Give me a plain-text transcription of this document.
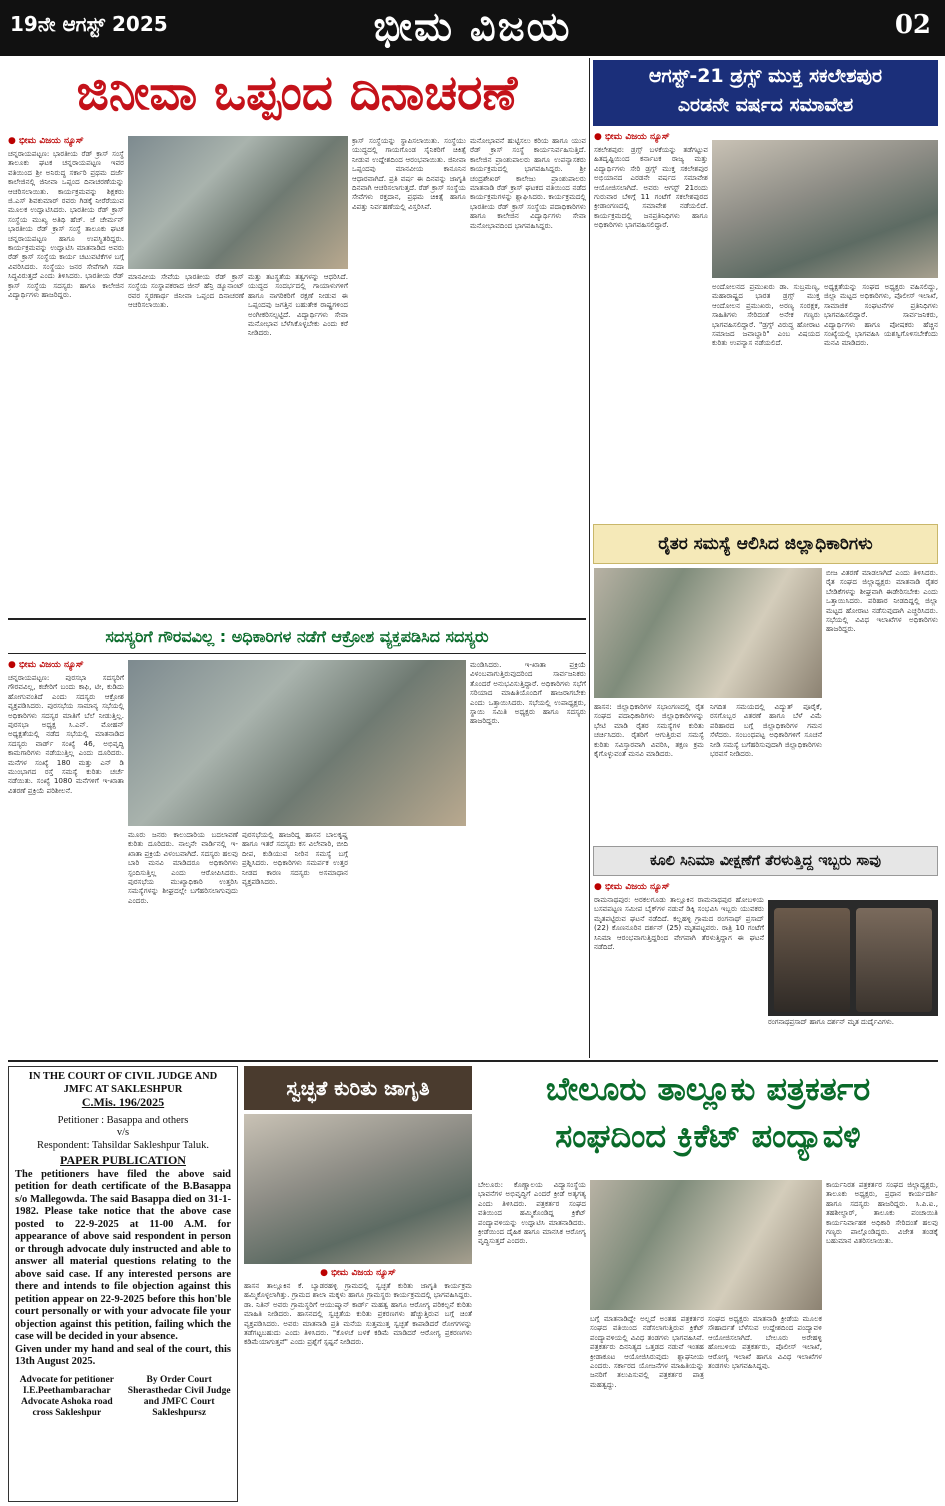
19ನೇ ಆಗಸ್ಟ್ 2025	ಭೀಮ ವಿಜಯ	02
ಜಿನೀವಾ ಒಪ್ಪಂದ ದಿನಾಚರಣೆ
● ಭೀಮ ವಿಜಯ ನ್ಯೂಸ್
ಚನ್ನರಾಯಪಟ್ಟಣ: ಭಾರತೀಯ ರೆಡ್ ಕ್ರಾಸ್ ಸಂಸ್ಥೆ ತಾಲೂಕು ಘಟಕ ಚನ್ನರಾಯಪಟ್ಟಣ ಇವರ ವತಿಯಿಂದ ಶ್ರೀ ಅನಿರುದ್ಧ ಸರ್ಕಾರಿ ಪ್ರಥಮ ದರ್ಜೆ ಕಾಲೇಜಿನಲ್ಲಿ ಜಿನೀವಾ ಒಪ್ಪಂದ ದಿನಾಚರಣೆಯನ್ನು ಆಚರಿಸಲಾಯಿತು. ಕಾರ್ಯಕ್ರಮವನ್ನು ಶಿಕ್ಷಕರು ಜಿ.ಎಸ್ ಶಿವಕುಮಾರ್ ರವರು ಗಿಡಕ್ಕೆ ನೀರೆರೆಯುವ ಮೂಲಕ ಉದ್ಘಾಟಿಸಿದರು. ಭಾರತೀಯ ರೆಡ್ ಕ್ರಾಸ್ ಸಂಸ್ಥೆಯ ಮುಖ್ಯ ಅತಿಥಿ ಹೆಚ್. ಜೆ ಚೇರ್ಮನ್ ಭಾರತೀಯ ರೆಡ್ ಕ್ರಾಸ್ ಸಂಸ್ಥೆ ತಾಲೂಕು ಘಟಕ ಚನ್ನರಾಯಪಟ್ಟಣ ಹಾಗೂ ಉಪಸ್ಥಿತರಿದ್ದರು. ಕಾರ್ಯಕ್ರಮವನ್ನು ಉದ್ಘಾಟಿಸಿ ಮಾತನಾಡಿದ ಅವರು ರೆಡ್ ಕ್ರಾಸ್ ಸಂಸ್ಥೆಯ ಕಾರ್ಯ ಚಟುವಟಿಕೆಗಳ ಬಗ್ಗೆ ವಿವರಿಸಿದರು. ಸಂಸ್ಥೆಯು ಜನರ ಸೇವೆಗಾಗಿ ಸದಾ ಸಿದ್ಧವಿರುತ್ತದೆ ಎಂದು ತಿಳಿಸಿದರು. ಭಾರತೀಯ ರೆಡ್ ಕ್ರಾಸ್ ಸಂಸ್ಥೆಯ ಸದಸ್ಯರು ಹಾಗೂ ಕಾಲೇಜಿನ ವಿದ್ಯಾರ್ಥಿಗಳು ಹಾಜರಿದ್ದರು.
ಮಾನವೀಯ ಸೇವೆಯ ಭಾರತೀಯ ರೆಡ್ ಕ್ರಾಸ್ ಸಂಸ್ಥೆಯ ಸಂಸ್ಥಾಪಕರಾದ ಜೀನ್ ಹೆನ್ರಿ ಡ್ಯೂನಾಂಟ್ ರವರ ಸ್ಮರಣಾರ್ಥ ಜಿನೀವಾ ಒಪ್ಪಂದ ದಿನಾಚರಣೆ ಆಚರಿಸಲಾಯಿತು.
ಮತ್ತು ತಟಸ್ಥತೆಯ ತತ್ವಗಳನ್ನು ಆಧರಿಸಿದೆ. ಯುದ್ಧದ ಸಂದರ್ಭದಲ್ಲಿ ಗಾಯಾಳುಗಳಿಗೆ ಹಾಗೂ ನಾಗರಿಕರಿಗೆ ರಕ್ಷಣೆ ನೀಡುವ ಈ ಒಪ್ಪಂದವು ಜಗತ್ತಿನ ಬಹುತೇಕ ರಾಷ್ಟ್ರಗಳಿಂದ ಅಂಗೀಕರಿಸಲ್ಪಟ್ಟಿದೆ. ವಿದ್ಯಾರ್ಥಿಗಳು ಸೇವಾ ಮನೋಭಾವ ಬೆಳೆಸಿಕೊಳ್ಳಬೇಕು ಎಂದು ಕರೆ ನೀಡಿದರು.
ಕ್ರಾಸ್ ಸಂಸ್ಥೆಯನ್ನು ಸ್ಥಾಪಿಸಲಾಯಿತು. ಸಂಸ್ಥೆಯು ಯುದ್ಧದಲ್ಲಿ ಗಾಯಗೊಂಡ ಸೈನಿಕರಿಗೆ ಚಿಕಿತ್ಸೆ ನೀಡುವ ಉದ್ದೇಶದಿಂದ ಆರಂಭವಾಯಿತು. ಜಿನೀವಾ ಒಪ್ಪಂದವು ಮಾನವೀಯ ಕಾನೂನಿನ ಆಧಾರವಾಗಿದೆ. ಪ್ರತಿ ವರ್ಷ ಈ ದಿನವನ್ನು ಜಾಗೃತಿ ದಿನವಾಗಿ ಆಚರಿಸಲಾಗುತ್ತದೆ. ರೆಡ್ ಕ್ರಾಸ್ ಸಂಸ್ಥೆಯ ಸೇವೆಗಳು ರಕ್ತದಾನ, ಪ್ರಥಮ ಚಿಕಿತ್ಸೆ ಹಾಗೂ ವಿಪತ್ತು ನಿರ್ವಹಣೆಯಲ್ಲಿ ವಿಸ್ತರಿಸಿವೆ.
ಮನೋಭಾವನೆ ಹುಟ್ಟಿಸಲು ಕರಿಯ ಹಾಗೂ ಯುವ ರೆಡ್ ಕ್ರಾಸ್ ಸಂಸ್ಥೆ ಕಾರ್ಯನಿರ್ವಹಿಸುತ್ತಿದೆ. ಕಾಲೇಜಿನ ಪ್ರಾಂಶುಪಾಲರು ಹಾಗೂ ಉಪನ್ಯಾಸಕರು ಕಾರ್ಯಕ್ರಮದಲ್ಲಿ ಭಾಗವಹಿಸಿದ್ದರು. ಶ್ರೀ ಚಂದ್ರಶೇಖರ್ ಕಾಲೇಜು ಪ್ರಾಂಶುಪಾಲರು ಮಾತನಾಡಿ ರೆಡ್ ಕ್ರಾಸ್ ಘಟಕದ ವತಿಯಿಂದ ನಡೆದ ಕಾರ್ಯಕ್ರಮಗಳನ್ನು ಶ್ಲಾಘಿಸಿದರು. ಕಾರ್ಯಕ್ರಮದಲ್ಲಿ ಭಾರತೀಯ ರೆಡ್ ಕ್ರಾಸ್ ಸಂಸ್ಥೆಯ ಪದಾಧಿಕಾರಿಗಳು ಹಾಗೂ ಕಾಲೇಜಿನ ವಿದ್ಯಾರ್ಥಿಗಳು ಸೇವಾ ಮನೋಭಾವದಿಂದ ಭಾಗವಹಿಸಿದ್ದರು.
ಆಗಸ್ಟ್-21 ಡ್ರಗ್ಸ್ ಮುಕ್ತ ಸಕಲೇಶಪುರ
ಎರಡನೇ ವರ್ಷದ ಸಮಾವೇಶ
● ಭೀಮ ವಿಜಯ ನ್ಯೂಸ್
ಸಕಲೇಶಪುರ: ಡ್ರಗ್ಸ್ ಬಳಕೆಯನ್ನು ತಡೆಗಟ್ಟುವ ಹಿತದೃಷ್ಟಿಯಿಂದ ಕರ್ನಾಟಕ ರಾಜ್ಯ ಮತ್ತು ವಿದ್ಯಾರ್ಥಿಗಳು ಸೇರಿ ಡ್ರಗ್ಸ್ ಮುಕ್ತ ಸಕಲೇಶಪುರ ಅಭಿಯಾನದ ಎರಡನೇ ವರ್ಷದ ಸಮಾವೇಶ ಆಯೋಜಿಸಲಾಗಿದೆ. ಅವರು ಆಗಸ್ಟ್ 21ರಂದು ಗುರುವಾರ ಬೆಳಿಗ್ಗೆ 11 ಗಂಟೆಗೆ ಸಕಲೇಶಪುರದ ಕ್ರೀಡಾಂಗಣದಲ್ಲಿ ಸಮಾವೇಶ ನಡೆಯಲಿದೆ. ಕಾರ್ಯಕ್ರಮದಲ್ಲಿ ಜನಪ್ರತಿನಿಧಿಗಳು ಹಾಗೂ ಅಧಿಕಾರಿಗಳು ಭಾಗವಹಿಸಲಿದ್ದಾರೆ.
ಅಂದೋಲನದ ಪ್ರಮುಖರು ಡಾ. ಸುಬ್ರಮಣ್ಯ, ಮಹಾರಾಷ್ಟ್ರದ ಭಾರತ ಡ್ರಗ್ಸ್ ಮುಕ್ತ ಆಂದೋಲನ ಪ್ರಮುಖರು, ಅರಣ್ಯ ಸಂರಕ್ಷಕ, ಸಾಹಿತಿಗಳು ಸೇರಿದಂತೆ ಅನೇಕ ಗಣ್ಯರು ಭಾಗವಹಿಸಲಿದ್ದಾರೆ. "ಡ್ರಗ್ಸ್ ವಿರುದ್ಧ ಹೋರಾಟ ಸಮಾಜದ ಜವಾಬ್ದಾರಿ" ಎಂಬ ವಿಷಯದ ಕುರಿತು ಉಪನ್ಯಾಸ ನಡೆಯಲಿದೆ.
ಅಧ್ಯಕ್ಷತೆಯನ್ನು ಸಂಘದ ಅಧ್ಯಕ್ಷರು ವಹಿಸಲಿದ್ದು, ಜಿಲ್ಲಾ ಮಟ್ಟದ ಅಧಿಕಾರಿಗಳು, ಪೊಲೀಸ್ ಇಲಾಖೆ, ಸಾಮಾಜಿಕ ಸಂಘಟನೆಗಳ ಪ್ರತಿನಿಧಿಗಳು ಭಾಗವಹಿಸಲಿದ್ದಾರೆ. ಸಾರ್ವಜನಿಕರು, ವಿದ್ಯಾರ್ಥಿಗಳು ಹಾಗೂ ಪೋಷಕರು ಹೆಚ್ಚಿನ ಸಂಖ್ಯೆಯಲ್ಲಿ ಭಾಗವಹಿಸಿ ಯಶಸ್ವಿಗೊಳಿಸಬೇಕೆಂದು ಮನವಿ ಮಾಡಿದರು.
ರೈತರ ಸಮಸ್ಯೆ ಆಲಿಸಿದ ಜಿಲ್ಲಾಧಿಕಾರಿಗಳು
ಹಾಸನ: ಜಿಲ್ಲಾಧಿಕಾರಿಗಳ ಸಭಾಂಗಣದಲ್ಲಿ ರೈತ ಸಂಘದ ಪದಾಧಿಕಾರಿಗಳು ಜಿಲ್ಲಾಧಿಕಾರಿಗಳನ್ನು ಭೇಟಿ ಮಾಡಿ ರೈತರ ಸಮಸ್ಯೆಗಳ ಕುರಿತು ಚರ್ಚಿಸಿದರು. ರೈತರಿಗೆ ಆಗುತ್ತಿರುವ ಸಮಸ್ಯೆ ಕುರಿತು ಸವಿಸ್ತಾರವಾಗಿ ವಿವರಿಸಿ, ತಕ್ಷಣ ಕ್ರಮ ಕೈಗೊಳ್ಳುವಂತೆ ಮನವಿ ಮಾಡಿದರು.
ನಿಗದಿತ ಸಮಯದಲ್ಲಿ ವಿದ್ಯುತ್ ಪೂರೈಕೆ, ರಸಗೊಬ್ಬರ ವಿತರಣೆ ಹಾಗೂ ಬೆಳೆ ವಿಮೆ ಪರಿಹಾರದ ಬಗ್ಗೆ ಜಿಲ್ಲಾಧಿಕಾರಿಗಳ ಗಮನ ಸೆಳೆದರು. ಸಂಬಂಧಪಟ್ಟ ಅಧಿಕಾರಿಗಳಿಗೆ ಸೂಚನೆ ನೀಡಿ ಸಮಸ್ಯೆ ಬಗೆಹರಿಸುವುದಾಗಿ ಜಿಲ್ಲಾಧಿಕಾರಿಗಳು ಭರವಸೆ ನೀಡಿದರು.
ಬೀಜ ವಿತರಣೆ ಮಾಡಲಾಗಿದೆ ಎಂದು ತಿಳಿಸಿದರು. ರೈತ ಸಂಘದ ಜಿಲ್ಲಾಧ್ಯಕ್ಷರು ಮಾತನಾಡಿ ರೈತರ ಬೇಡಿಕೆಗಳನ್ನು ಶೀಘ್ರವಾಗಿ ಈಡೇರಿಸಬೇಕು ಎಂದು ಒತ್ತಾಯಿಸಿದರು. ಪರಿಹಾರ ನೀಡದಿದ್ದಲ್ಲಿ ಜಿಲ್ಲಾ ಮಟ್ಟದ ಹೋರಾಟ ನಡೆಸುವುದಾಗಿ ಎಚ್ಚರಿಸಿದರು. ಸಭೆಯಲ್ಲಿ ವಿವಿಧ ಇಲಾಖೆಗಳ ಅಧಿಕಾರಿಗಳು ಹಾಜರಿದ್ದರು.
ಕೂಲಿ ಸಿನಿಮಾ ವೀಕ್ಷಣೆಗೆ ತೆರಳುತ್ತಿದ್ದ ಇಬ್ಬರು ಸಾವು
● ಭೀಮ ವಿಜಯ ನ್ಯೂಸ್
ರಾಮನಾಥಪುರ: ಅರಕಲಗೂಡು ತಾಲ್ಲೂಕಿನ ರಾಮನಾಥಪುರ ಹೋಬಳಿಯ ಬಸವಪಟ್ಟಣ ಸಮೀಪ ಬೈಕ್‌ಗಳ ನಡುವೆ ಡಿಕ್ಕಿ ಸಂಭವಿಸಿ ಇಬ್ಬರು ಯುವಕರು ಮೃತಪಟ್ಟಿರುವ ಘಟನೆ ನಡೆದಿದೆ. ಕಲ್ಲಹಳ್ಳಿ ಗ್ರಾಮದ ರಂಗನಾಥ್ ಪ್ರಸಾದ್ (22) ಕೊಣನೂರಿನ ದರ್ಶನ್ (25) ಮೃತಪಟ್ಟವರು. ರಾತ್ರಿ 10 ಗಂಟೆಗೆ ಸಿನಿಮಾ ಆರಂಭವಾಗುತ್ತಿದ್ದರಿಂದ ವೇಗವಾಗಿ ತೆರಳುತ್ತಿದ್ದಾಗ ಈ ಘಟನೆ ನಡೆದಿದೆ.
ರಂಗನಾಥಪ್ರಸಾದ್ ಹಾಗೂ ದರ್ಶನ್ ಮೃತ ದುರ್ದೈವಿಗಳು.
ಸದಸ್ಯರಿಗೆ ಗೌರವವಿಲ್ಲ : ಅಧಿಕಾರಿಗಳ ನಡೆಗೆ ಆಕ್ರೋಶ ವ್ಯಕ್ತಪಡಿಸಿದ ಸದಸ್ಯರು
● ಭೀಮ ವಿಜಯ ನ್ಯೂಸ್
ಚನ್ನರಾಯಪಟ್ಟಣ: ಪುರಸಭಾ ಸದಸ್ಯರಿಗೆ ಗೌರವವಿಲ್ಲ, ಕಚೇರಿಗೆ ಬಂದು ಕಾಫಿ, ಟೀ, ಕುಡಿದು ಹೋಗುವಂತಿದೆ ಎಂದು ಸದಸ್ಯರು ಆಕ್ರೋಶ ವ್ಯಕ್ತಪಡಿಸಿದರು. ಪುರಸಭೆಯ ಸಾಮಾನ್ಯ ಸಭೆಯಲ್ಲಿ ಅಧಿಕಾರಿಗಳು ಸದಸ್ಯರ ಮಾತಿಗೆ ಬೆಲೆ ನೀಡುತ್ತಿಲ್ಲ. ಪುರಸಭಾ ಅಧ್ಯಕ್ಷ ಸಿ.ಎನ್. ಮೋಹನ್ ಅಧ್ಯಕ್ಷತೆಯಲ್ಲಿ ನಡೆದ ಸಭೆಯಲ್ಲಿ ಮಾತನಾಡಿದ ಸದಸ್ಯರು ವಾರ್ಡ್ ಸಂಖ್ಯೆ 46, ಅಭಿವೃದ್ಧಿ ಕಾಮಗಾರಿಗಳು ನಡೆಯುತ್ತಿಲ್ಲ ಎಂದು ದೂರಿದರು. ಮನೆಗಳ ಸಂಖ್ಯೆ 180 ಮತ್ತು ಎನ್ ಡಿ ಮುಂಭಾಗದ ರಸ್ತೆ ಸಮಸ್ಯೆ ಕುರಿತು ಚರ್ಚೆ ನಡೆಯಿತು. ಸಂಖ್ಯೆ 1080 ಮನೆಗಳಿಗೆ ಇ-ಖಾತಾ ವಿತರಣೆ ಪ್ರಕ್ರಿಯೆ ಪರಿಶೀಲನೆ.
ಮೂರು ಜನರು ಕಾಲುದಾರಿಯ ಬದಲಾವಣೆ ಕುರಿತು ದೂರಿದರು. ನಾಲ್ಕನೇ ವಾರ್ಡಿನಲ್ಲಿ ಇ-ಖಾತಾ ಪ್ರಕ್ರಿಯೆ ವಿಳಂಬವಾಗಿದೆ. ಸದಸ್ಯರು ಹಲವು ಬಾರಿ ಮನವಿ ಮಾಡಿದರೂ ಅಧಿಕಾರಿಗಳು ಸ್ಪಂದಿಸುತ್ತಿಲ್ಲ ಎಂದು ಆರೋಪಿಸಿದರು. ಪುರಸಭೆಯ ಮುಖ್ಯಾಧಿಕಾರಿ ಉತ್ತರಿಸಿ ಸಮಸ್ಯೆಗಳನ್ನು ಶೀಘ್ರದಲ್ಲೇ ಬಗೆಹರಿಸಲಾಗುವುದು ಎಂದರು.
ಪುರಸಭೆಯಲ್ಲಿ ಹಾಜರಿದ್ದ ಹಾಸನ ಬಾಲಕೃಷ್ಣ ಹಾಗೂ ಇತರೆ ಸದಸ್ಯರು ಕಸ ವಿಲೇವಾರಿ, ಬೀದಿ ದೀಪ, ಕುಡಿಯುವ ನೀರಿನ ಸಮಸ್ಯೆ ಬಗ್ಗೆ ಪ್ರಶ್ನಿಸಿದರು. ಅಧಿಕಾರಿಗಳು ಸಮರ್ಪಕ ಉತ್ತರ ನೀಡದ ಕಾರಣ ಸದಸ್ಯರು ಅಸಮಾಧಾನ ವ್ಯಕ್ತಪಡಿಸಿದರು.
ಮಂಡಿಸಿದರು. ಇ-ಖಾತಾ ಪ್ರಕ್ರಿಯೆ ವಿಳಂಬವಾಗುತ್ತಿರುವುದರಿಂದ ಸಾರ್ವಜನಿಕರು ತೊಂದರೆ ಅನುಭವಿಸುತ್ತಿದ್ದಾರೆ. ಅಧಿಕಾರಿಗಳು ಸಭೆಗೆ ಸರಿಯಾದ ಮಾಹಿತಿಯೊಂದಿಗೆ ಹಾಜರಾಗಬೇಕು ಎಂದು ಒತ್ತಾಯಿಸಿದರು. ಸಭೆಯಲ್ಲಿ ಉಪಾಧ್ಯಕ್ಷರು, ಸ್ಥಾಯಿ ಸಮಿತಿ ಅಧ್ಯಕ್ಷರು ಹಾಗೂ ಸದಸ್ಯರು ಹಾಜರಿದ್ದರು.
IN THE COURT OF CIVIL JUDGE AND JMFC AT SAKLESHPUR
C.Mis. 196/2025
Petitioner : Basappa and others
v/s
Respondent: Tahsildar Sakleshpur Taluk.
PAPER PUBLICATION
The petitioners have filed the above said petition for death certificate of the B.Basappa s/o Mallegowda. The said Basappa died on 31-1-1982. Please take notice that the above case posted to 22-9-2025 at 11-00 A.M. for appearance of above said respondent in person or through advocate duly instructed and able to answer all material questions relating to the above said case. If any interested persons are there and intends to file objection against this petition appear on 22-9-2025 before this hon'ble court personally or with your advocate file your objection against this petition, failing which the case will be decided in your absence.
Given under my hand and seal of the court, this 13th August 2025.
Advocate for petitioner I.E.Peethambarachar Advocate Ashoka road cross Sakleshpur
By Order Court Sherasthedar Civil Judge and JMFC Court Sakleshpursz
ಸ್ವಚ್ಛತೆ ಕುರಿತು ಜಾಗೃತಿ
● ಭೀಮ ವಿಜಯ ನ್ಯೂಸ್
ಹಾಸನ ತಾಲ್ಲೂಕಿನ ಕೆ. ಬ್ಯಾಡರಹಳ್ಳಿ ಗ್ರಾಮದಲ್ಲಿ ಸ್ವಚ್ಛತೆ ಕುರಿತು ಜಾಗೃತಿ ಕಾರ್ಯಕ್ರಮ ಹಮ್ಮಿಕೊಳ್ಳಲಾಗಿತ್ತು. ಗ್ರಾಮದ ಶಾಲಾ ಮಕ್ಕಳು ಹಾಗೂ ಗ್ರಾಮಸ್ಥರು ಕಾರ್ಯಕ್ರಮದಲ್ಲಿ ಭಾಗವಹಿಸಿದ್ದರು. ಡಾ. ನಿತಿನ್ ಅವರು ಗ್ರಾಮಸ್ಥರಿಗೆ ಆಯುಷ್ಮಾನ್ ಕಾರ್ಡ್ ಮಹತ್ವ ಹಾಗೂ ಆರೋಗ್ಯ ಪರಿಕಲ್ಪನೆ ಕುರಿತು ಮಾಹಿತಿ ನೀಡಿದರು. ಹಾಸನದಲ್ಲಿ ಸ್ವಚ್ಛತೆಯ ಕುರಿತು ಪ್ರಕರಣಗಳು ಹೆಚ್ಚುತ್ತಿರುವ ಬಗ್ಗೆ ಚಿಂತೆ ವ್ಯಕ್ತಪಡಿಸಿದರು. ಅವರು ಮಾತನಾಡಿ ಪ್ರತಿ ಮನೆಯ ಸುತ್ತಮುತ್ತ ಸ್ವಚ್ಛತೆ ಕಾಪಾಡಿದರೆ ರೋಗಗಳನ್ನು ತಡೆಗಟ್ಟಬಹುದು ಎಂದು ತಿಳಿಸಿದರು. "ಕೊಳಚೆ ಬಳಕೆ ಕಡಿಮೆ ಮಾಡಿದರೆ ಆರೋಗ್ಯ ಪ್ರಕರಣಗಳು ಕಡಿಮೆಯಾಗುತ್ತವೆ" ಎಂದು ಪ್ರಶ್ನೆಗೆ ಸ್ಪಷ್ಟನೆ ನೀಡಿದರು.
ಬೇಲೂರು ತಾಲ್ಲೂಕು ಪತ್ರಕರ್ತರ
ಸಂಘದಿಂದ ಕ್ರಿಕೆಟ್ ಪಂದ್ಯಾವಳಿ
ಬೇಲೂರು: ಕೊಣ್ಣಾಲಯ ವಿದ್ಯಾಸಂಸ್ಥೆಯ ಭಾವನೆಗಳ ಅಭಿವೃದ್ಧಿಗೆ ಎಂದರೆ ಕ್ರೀಡೆ ಅತ್ಯಗತ್ಯ ಎಂದು ತಿಳಿಸಿದರು. ಪತ್ರಕರ್ತರ ಸಂಘದ ವತಿಯಿಂದ ಹಮ್ಮಿಕೊಂಡಿದ್ದ ಕ್ರಿಕೆಟ್ ಪಂದ್ಯಾವಳಿಯನ್ನು ಉದ್ಘಾಟಿಸಿ ಮಾತನಾಡಿದರು. ಕ್ರೀಡೆಯಿಂದ ದೈಹಿಕ ಹಾಗೂ ಮಾನಸಿಕ ಆರೋಗ್ಯ ವೃದ್ಧಿಸುತ್ತದೆ ಎಂದರು.
ಬಗ್ಗೆ ಮಾತನಾಡಿದ್ದೇ ಅಲ್ಲದೆ ಅಂತಹ ಪತ್ರಕರ್ತರ ಸಂಘದ ವತಿಯಿಂದ ನಡೆಸಲಾಗುತ್ತಿರುವ ಕ್ರಿಕೆಟ್ ಪಂದ್ಯಾವಳಿಯಲ್ಲಿ ವಿವಿಧ ತಂಡಗಳು ಭಾಗವಹಿಸಿವೆ. ಪತ್ರಕರ್ತರು ದಿನನಿತ್ಯದ ಒತ್ತಡದ ನಡುವೆ ಇಂತಹ ಕ್ರೀಡಾಕೂಟ ಆಯೋಜಿಸಿರುವುದು ಶ್ಲಾಘನೀಯ ಎಂದರು. ಸರ್ಕಾರದ ಯೋಜನೆಗಳ ಮಾಹಿತಿಯನ್ನು ಜನರಿಗೆ ತಲುಪಿಸುವಲ್ಲಿ ಪತ್ರಕರ್ತರ ಪಾತ್ರ ಮಹತ್ವದ್ದು.
ಸಂಘದ ಅಧ್ಯಕ್ಷರು ಮಾತನಾಡಿ ಕ್ರೀಡೆಯ ಮೂಲಕ ಸೌಹಾರ್ದತೆ ಬೆಳೆಸುವ ಉದ್ದೇಶದಿಂದ ಪಂದ್ಯಾವಳಿ ಆಯೋಜಿಸಲಾಗಿದೆ. ಬೇಲೂರು ಅರೇಹಳ್ಳಿ ಹೋಬಳಿಯ ಪತ್ರಕರ್ತರು, ಪೊಲೀಸ್ ಇಲಾಖೆ, ಆರೋಗ್ಯ ಇಲಾಖೆ ಹಾಗೂ ವಿವಿಧ ಇಲಾಖೆಗಳ ತಂಡಗಳು ಭಾಗವಹಿಸಿದ್ದವು.
ಕಾರ್ಯನಿರತ ಪತ್ರಕರ್ತರ ಸಂಘದ ಜಿಲ್ಲಾಧ್ಯಕ್ಷರು, ತಾಲೂಕು ಅಧ್ಯಕ್ಷರು, ಪ್ರಧಾನ ಕಾರ್ಯದರ್ಶಿ ಹಾಗೂ ಸದಸ್ಯರು ಹಾಜರಿದ್ದರು. ಸಿ.ಪಿ.ಐ., ತಹಶೀಲ್ದಾರ್, ತಾಲೂಕು ಪಂಚಾಯಿತಿ ಕಾರ್ಯನಿರ್ವಾಹಕ ಅಧಿಕಾರಿ ಸೇರಿದಂತೆ ಹಲವು ಗಣ್ಯರು ಪಾಲ್ಗೊಂಡಿದ್ದರು. ವಿಜೇತ ತಂಡಕ್ಕೆ ಬಹುಮಾನ ವಿತರಿಸಲಾಯಿತು.
